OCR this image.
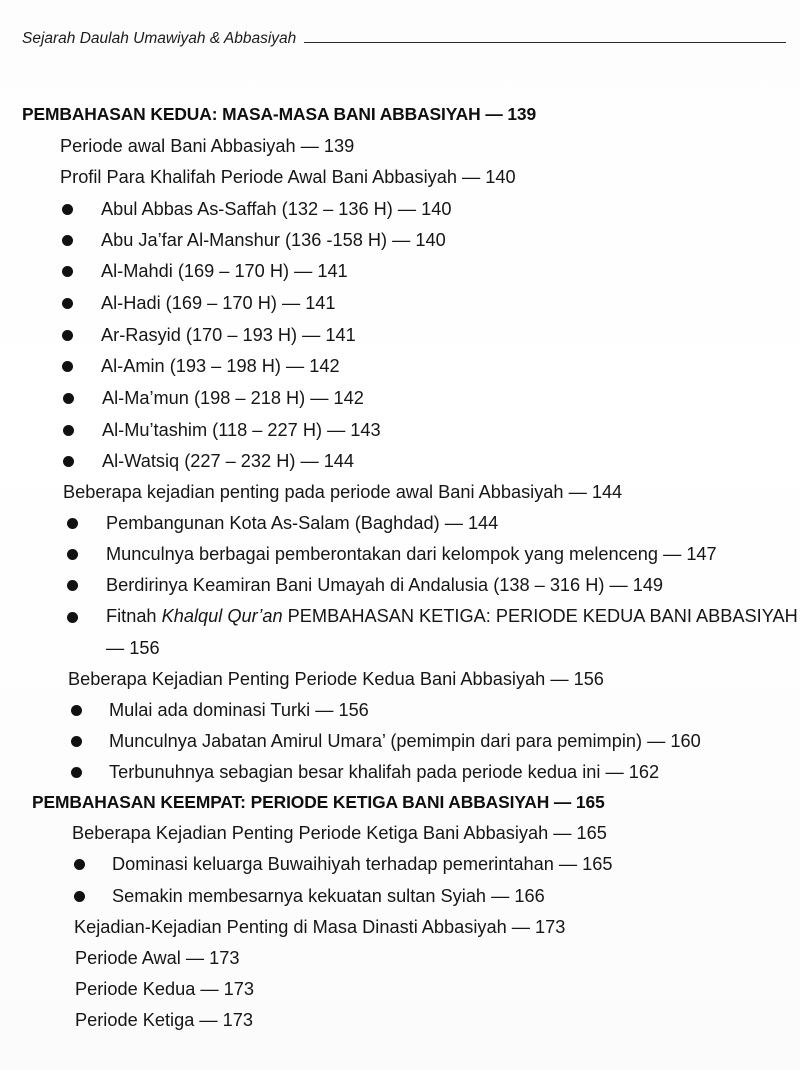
Sejarah Daulah Umawiyah & Abbasiyah
PEMBAHASAN KEDUA: MASA-MASA BANI ABBASIYAH — 139
Periode awal Bani Abbasiyah — 139
Profil Para Khalifah Periode Awal Bani Abbasiyah — 140
Abul Abbas As-Saffah (132 – 136 H) — 140
Abu Ja’far Al-Manshur (136 -158 H) — 140
Al-Mahdi (169 – 170 H) — 141
Al-Hadi (169 – 170 H) — 141
Ar-Rasyid (170 – 193 H) — 141
Al-Amin (193 – 198 H) — 142
Al-Ma’mun (198 – 218 H) — 142
Al-Mu’tashim (118 – 227 H) — 143
Al-Watsiq (227 – 232 H) — 144
Beberapa kejadian penting pada periode awal Bani Abbasiyah — 144
Pembangunan Kota As-Salam (Baghdad) — 144
Munculnya berbagai pemberontakan dari kelompok yang melenceng — 147
Berdirinya Keamiran Bani Umayah di Andalusia (138 – 316 H) — 149
Fitnah Khalqul Qur’an PEMBAHASAN KETIGA: PERIODE KEDUA BANI ABBASIYAH
— 156
Beberapa Kejadian Penting Periode Kedua Bani Abbasiyah — 156
Mulai ada dominasi Turki — 156
Munculnya Jabatan Amirul Umara’ (pemimpin dari para pemimpin) — 160
Terbunuhnya sebagian besar khalifah pada periode kedua ini — 162
PEMBAHASAN KEEMPAT: PERIODE KETIGA BANI ABBASIYAH — 165
Beberapa Kejadian Penting Periode Ketiga Bani Abbasiyah — 165
Dominasi keluarga Buwaihiyah terhadap pemerintahan — 165
Semakin membesarnya kekuatan sultan Syiah — 166
Kejadian-Kejadian Penting di Masa Dinasti Abbasiyah — 173
Periode Awal — 173
Periode Kedua — 173
Periode Ketiga — 173
